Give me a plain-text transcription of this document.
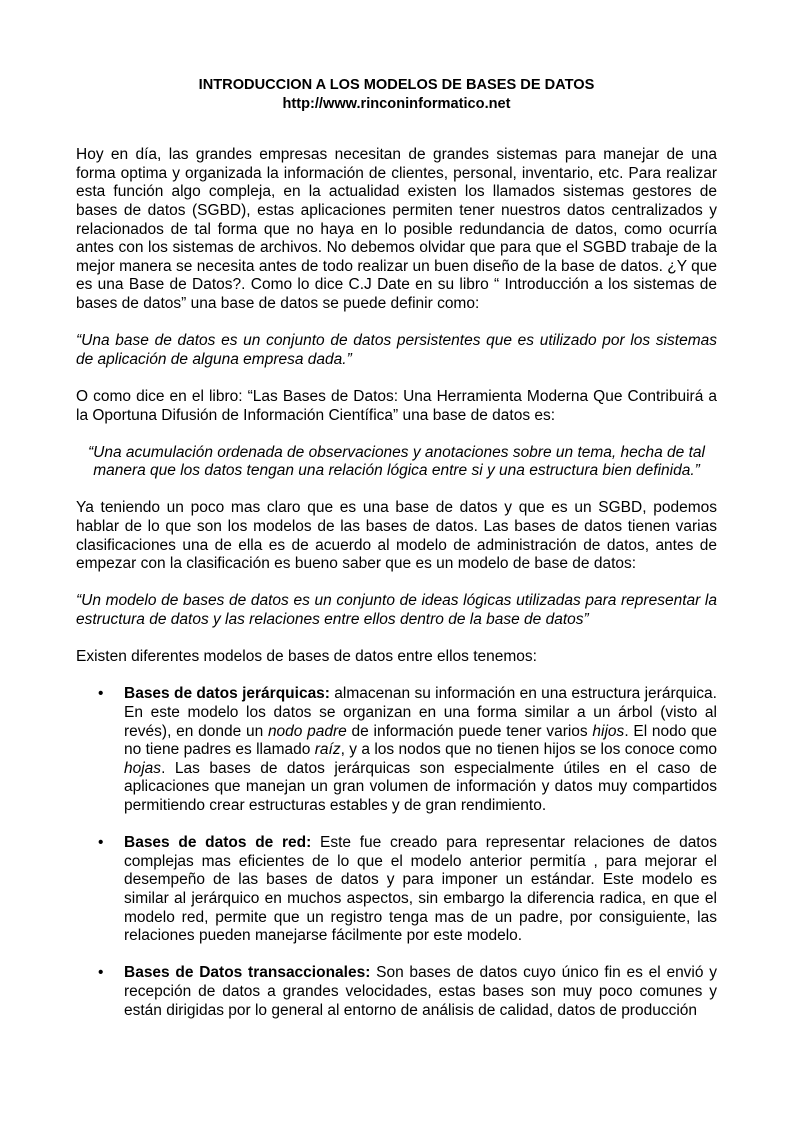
INTRODUCCION A LOS MODELOS DE BASES DE DATOS
http://www.rinconinformatico.net

Hoy en día, las grandes empresas necesitan de grandes sistemas para manejar de una forma optima y organizada la información de clientes, personal, inventario, etc. Para realizar esta función algo compleja, en la actualidad existen los llamados sistemas gestores de bases de datos (SGBD), estas aplicaciones permiten tener nuestros datos centralizados y relacionados de tal forma que no haya en lo posible redundancia de datos, como ocurría antes con los sistemas de archivos. No debemos olvidar que para que el SGBD trabaje de la mejor manera se necesita antes de todo realizar un buen diseño de la base de datos. ¿Y que es una Base de Datos?. Como lo dice C.J Date en su libro “ Introducción a los sistemas de bases de datos” una base de datos se puede definir como:

“Una base de datos es un conjunto de datos persistentes que es utilizado por los sistemas de aplicación de alguna empresa dada.”

O como dice en el libro: “Las Bases de Datos: Una Herramienta Moderna Que Contribuirá a la Oportuna Difusión de Información Científica” una base de datos es:

“Una acumulación ordenada de observaciones y anotaciones sobre un tema, hecha de tal manera que los datos tengan una relación lógica entre si y una estructura bien definida.”

Ya teniendo un poco mas claro que es una base de datos y que es un SGBD, podemos hablar de lo que son los modelos de las bases de datos. Las bases de datos tienen varias clasificaciones una de ella es de acuerdo al modelo de administración de datos, antes de empezar con la clasificación es bueno saber que es un modelo de base de datos:

“Un modelo de bases de datos es un conjunto de ideas lógicas utilizadas para representar la estructura de datos y las relaciones entre ellos dentro de la base de datos”

Existen diferentes modelos de bases de datos entre ellos tenemos:

• Bases de datos jerárquicas: almacenan su información en una estructura jerárquica. En este modelo los datos se organizan en una forma similar a un árbol (visto al revés), en donde un nodo padre de información puede tener varios hijos. El nodo que no tiene padres es llamado raíz, y a los nodos que no tienen hijos se los conoce como hojas. Las bases de datos jerárquicas son especialmente útiles en el caso de aplicaciones que manejan un gran volumen de información y datos muy compartidos permitiendo crear estructuras estables y de gran rendimiento.
• Bases de datos de red: Este fue creado para representar relaciones de datos complejas mas eficientes de lo que el modelo anterior permitía , para mejorar el desempeño de las bases de datos y para imponer un estándar. Este modelo es similar al jerárquico en muchos aspectos, sin embargo la diferencia radica, en que el modelo red, permite que un registro tenga mas de un padre, por consiguiente, las relaciones pueden manejarse fácilmente por este modelo.
• Bases de Datos transaccionales: Son bases de datos cuyo único fin es el envió y recepción de datos a grandes velocidades, estas bases son muy poco comunes y están dirigidas por lo general al entorno de análisis de calidad, datos de producción
